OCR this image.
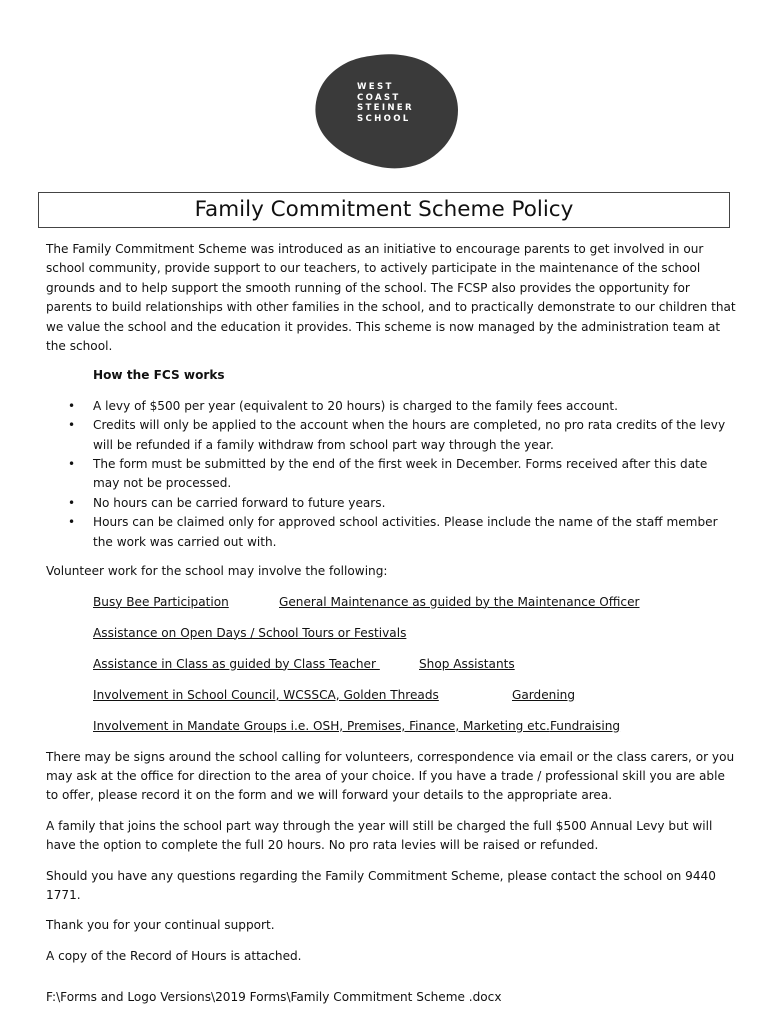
WEST
COAST
STEINER
SCHOOL
Family Commitment Scheme Policy

The Family Commitment Scheme was introduced as an initiative to encourage parents to get involved in our school community, provide support to our teachers, to actively participate in the maintenance of the school grounds and to help support the smooth running of the school. The FCSP also provides the opportunity for parents to build relationships with other families in the school, and to practically demonstrate to our children that we value the school and the education it provides. This scheme is now managed by the administration team at the school.

How the FCS works

• A levy of $500 per year (equivalent to 20 hours) is charged to the family fees account.
• Credits will only be applied to the account when the hours are completed, no pro rata credits of the levy will be refunded if a family withdraw from school part way through the year.
• The form must be submitted by the end of the first week in December. Forms received after this date may not be processed.
• No hours can be carried forward to future years.
• Hours can be claimed only for approved school activities. Please include the name of the staff member the work was carried out with.

Volunteer work for the school may involve the following:

Busy Bee Participation	General Maintenance as guided by the Maintenance Officer
Assistance on Open Days / School Tours or Festivals
Assistance in Class as guided by Class Teacher	Shop Assistants
Involvement in School Council, WCSSCA, Golden Threads	Gardening
Involvement in Mandate Groups i.e. OSH, Premises, Finance, Marketing etc. Fundraising

There may be signs around the school calling for volunteers, correspondence via email or the class carers, or you may ask at the office for direction to the area of your choice. If you have a trade / professional skill you are able to offer, please record it on the form and we will forward your details to the appropriate area.

A family that joins the school part way through the year will still be charged the full $500 Annual Levy but will have the option to complete the full 20 hours. No pro rata levies will be raised or refunded.

Should you have any questions regarding the Family Commitment Scheme, please contact the school on 9440 1771.

Thank you for your continual support.

A copy of the Record of Hours is attached.

F:\Forms and Logo Versions\2019 Forms\Family Commitment Scheme .docx
